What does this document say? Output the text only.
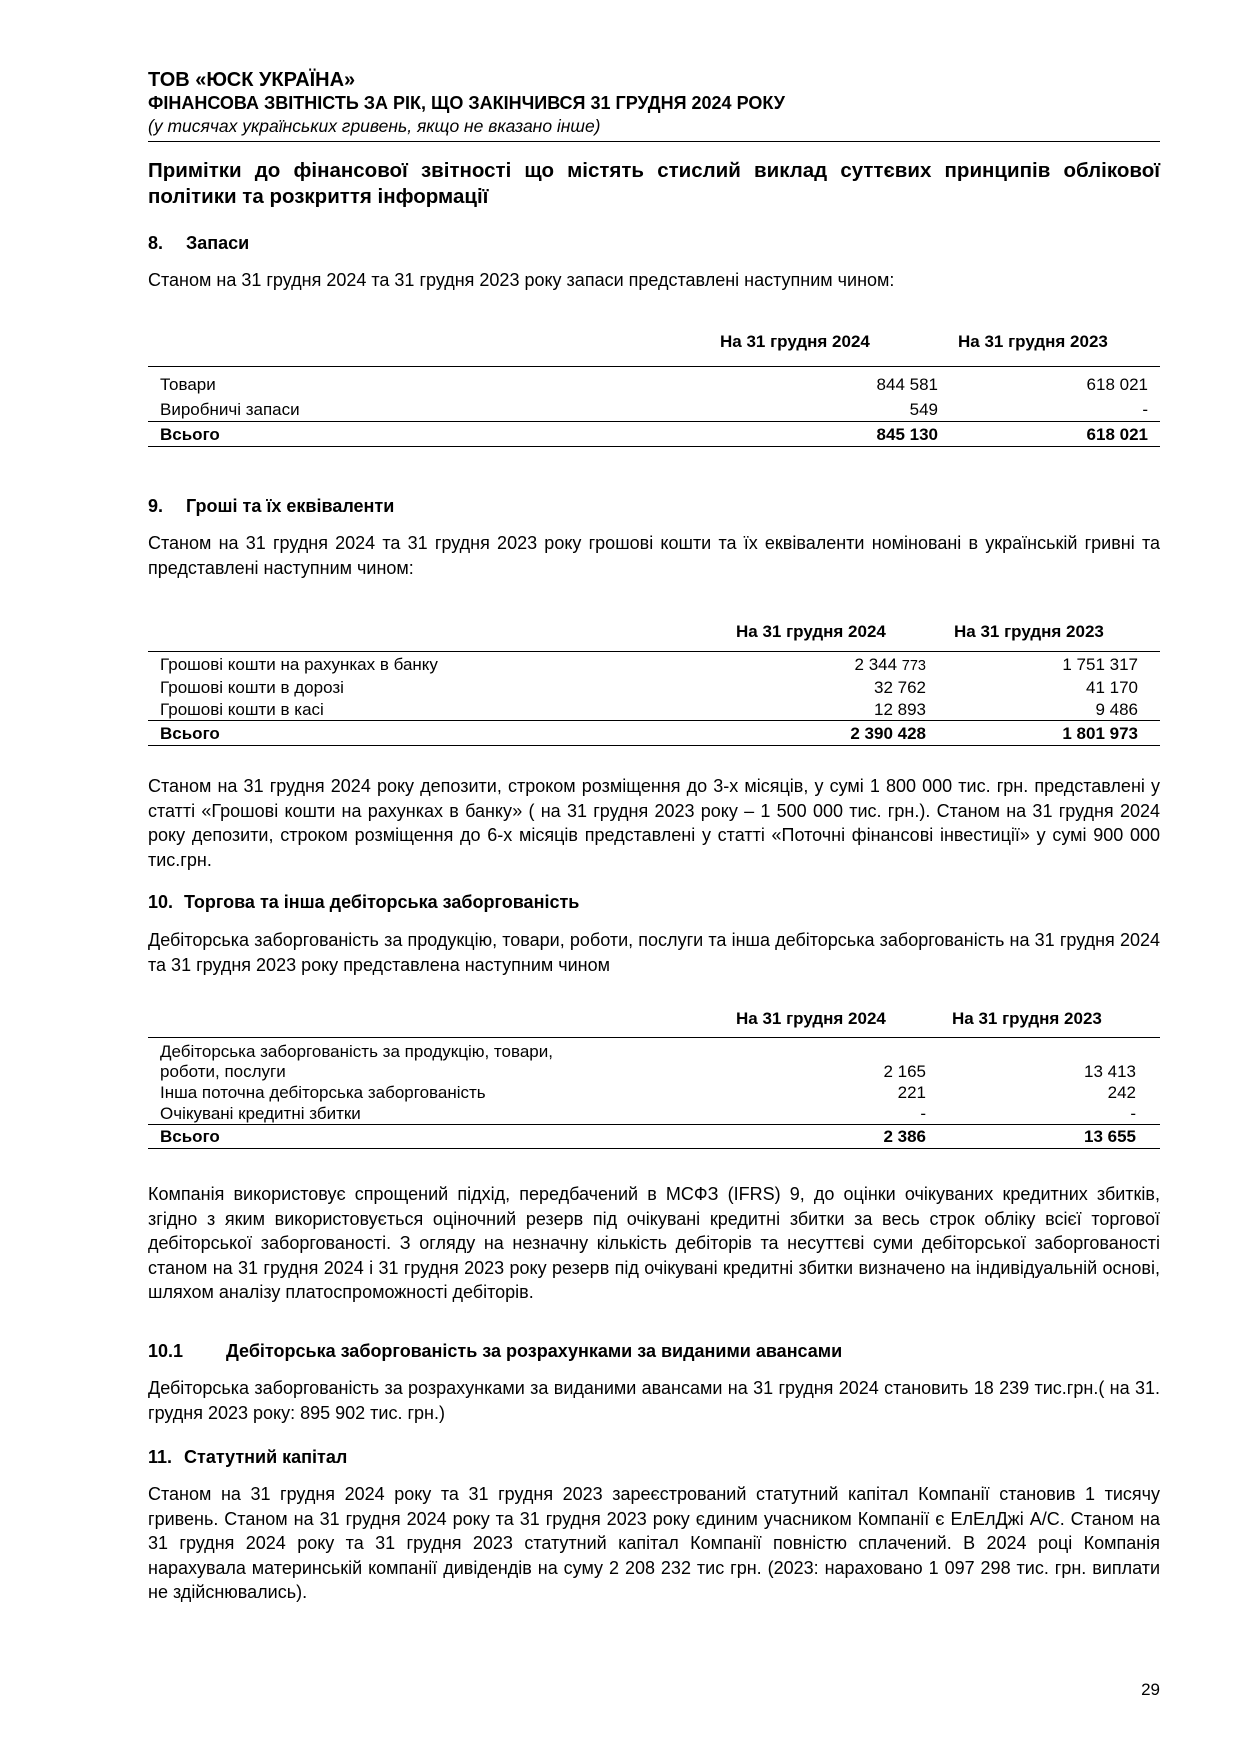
ТОВ «ЮСК УКРАЇНА»
ФІНАНСОВА ЗВІТНІСТЬ ЗА РІК, ЩО ЗАКІНЧИВСЯ 31 ГРУДНЯ 2024 РОКУ
(у тисячах українських гривень, якщо не вказано інше)
Примітки до фінансової звітності що містять стислий виклад суттєвих принципів облікової політики та розкриття інформації
8. Запаси
Станом на 31 грудня 2024 та 31 грудня 2023 року запаси представлені наступним чином:
На 31 грудня 2024	На 31 грудня 2023
Товари	844 581	618 021
Виробничі запаси	549	-
Всього	845 130	618 021
9. Гроші та їх еквіваленти
Станом на 31 грудня 2024 та 31 грудня 2023 року грошові кошти та їх еквіваленти номіновані в українській гривні та представлені наступним чином:
На 31 грудня 2024	На 31 грудня 2023
Грошові кошти на рахунках в банку	2 344 773	1 751 317
Грошові кошти в дорозі	32 762	41 170
Грошові кошти в касі	12 893	9 486
Всього	2 390 428	1 801 973
Станом на 31 грудня 2024 року депозити, строком розміщення до 3-х місяців, у сумі 1 800 000 тис. грн. представлені у статті «Грошові кошти на рахунках в банку» ( на 31 грудня 2023 року – 1 500 000 тис. грн.). Станом на 31 грудня 2024 року депозити, строком розміщення до 6-х місяців представлені у статті «Поточні фінансові інвестиції» у сумі 900 000 тис.грн.
10. Торгова та інша дебіторська заборгованість
Дебіторська заборгованість за продукцію, товари, роботи, послуги та інша дебіторська заборгованість на 31 грудня 2024 та 31 грудня 2023 року представлена наступним чином
На 31 грудня 2024	На 31 грудня 2023
Дебіторська заборгованість за продукцію, товари,
роботи, послуги	2 165	13 413
Інша поточна дебіторська заборгованість	221	242
Очікувані кредитні збитки	-	-
Всього	2 386	13 655
Компанія використовує спрощений підхід, передбачений в МСФЗ (IFRS) 9, до оцінки очікуваних кредитних збитків, згідно з яким використовується оціночний резерв під очікувані кредитні збитки за весь строк обліку всієї торгової дебіторської заборгованості. З огляду на незначну кількість дебіторів та несуттєві суми дебіторської заборгованості станом на 31 грудня 2024 і 31 грудня 2023 року резерв під очікувані кредитні збитки визначено на індивідуальній основі, шляхом аналізу платоспроможності дебіторів.
10.1 Дебіторська заборгованість за розрахунками за виданими авансами
Дебіторська заборгованість за розрахунками за виданими авансами на 31 грудня 2024 становить 18 239 тис.грн.( на 31. грудня 2023 року: 895 902 тис. грн.)
11. Статутний капітал
Станом на 31 грудня 2024 року та 31 грудня 2023 зареєстрований статутний капітал Компанії становив 1 тисячу гривень. Станом на 31 грудня 2024 року та 31 грудня 2023 року єдиним учасником Компанії є ЕлЕлДжі А/С. Станом на 31 грудня 2024 року та 31 грудня 2023 статутний капітал Компанії повністю сплачений. В 2024 році Компанія нарахувала материнській компанії дивідендів на суму 2 208 232 тис грн. (2023: нараховано 1 097 298 тис. грн. виплати не здійснювались).
29
